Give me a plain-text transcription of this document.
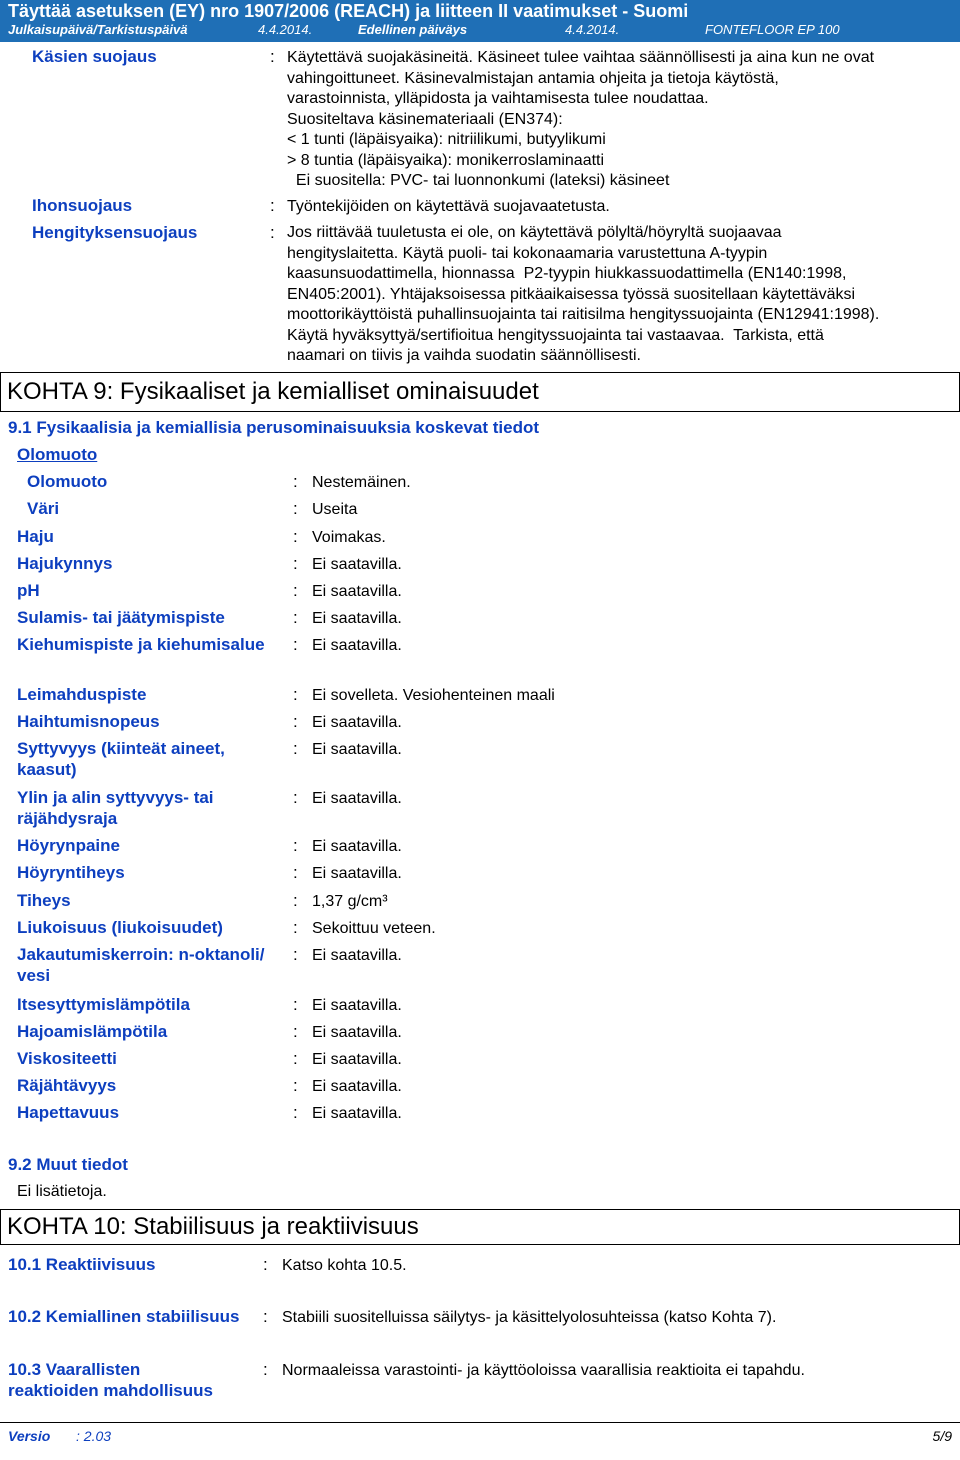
Täyttää asetuksen (EY) nro 1907/2006 (REACH) ja liitteen II vaatimukset - Suomi
Julkaisupäivä/Tarkistuspäivä	4.4.2014.	Edellinen päiväys	4.4.2014.	FONTEFLOOR EP 100
Käsien suojaus	: Käytettävä suojakäsineitä. Käsineet tulee vaihtaa säännöllisesti ja aina kun ne ovat
vahingoittuneet. Käsinevalmistajan antamia ohjeita ja tietoja käytöstä,
varastoinnista, ylläpidosta ja vaihtamisesta tulee noudattaa.
Suositeltava käsinemateriaali (EN374):
< 1 tunti (läpäisyaika): nitriilikumi, butyylikumi
> 8 tuntia (läpäisyaika): monikerroslaminaatti
Ei suositella: PVC- tai luonnonkumi (lateksi) käsineet
Ihonsuojaus	: Työntekijöiden on käytettävä suojavaatetusta.
Hengityksensuojaus	: Jos riittävää tuuletusta ei ole, on käytettävä pölyltä/höyryltä suojaavaa
hengityslaitetta. Käytä puoli- tai kokonaamaria varustettuna A-tyypin
kaasunsuodattimella, hionnassa  P2-tyypin hiukkassuodattimella (EN140:1998,
EN405:2001). Yhtäjaksoisessa pitkäaikaisessa työssä suositellaan käytettäväksi
moottorikäyttöistä puhallinsuojainta tai raitisilma hengityssuojainta (EN12941:1998).
Käytä hyväksyttyä/sertifioitua hengityssuojainta tai vastaavaa.  Tarkista, että
naamari on tiivis ja vaihda suodatin säännöllisesti.
KOHTA 9: Fysikaaliset ja kemialliset ominaisuudet
9.1 Fysikaalisia ja kemiallisia perusominaisuuksia koskevat tiedot
Olomuoto
Olomuoto	: Nestemäinen.
Väri	: Useita
Haju	: Voimakas.
Hajukynnys	: Ei saatavilla.
pH	: Ei saatavilla.
Sulamis- tai jäätymispiste	: Ei saatavilla.
Kiehumispiste ja kiehumisalue : Ei saatavilla.
Leimahduspiste	: Ei sovelleta. Vesiohenteinen maali
Haihtumisnopeus	: Ei saatavilla.
Syttyvyys (kiinteät aineet,
kaasut)
: Ei saatavilla.
Ylin ja alin syttyvyys- tai
räjähdysraja
: Ei saatavilla.
Höyrynpaine	: Ei saatavilla.
Höyryntiheys	: Ei saatavilla.
Tiheys	: 1,37 g/cm³
Liukoisuus (liukoisuudet)	: Sekoittuu veteen.
Jakautumiskerroin: n-oktanoli/
vesi
: Ei saatavilla.
Itsesyttymislämpötila	: Ei saatavilla.
Hajoamislämpötila	: Ei saatavilla.
Viskositeetti	: Ei saatavilla.
Räjähtävyys	: Ei saatavilla.
Hapettavuus	: Ei saatavilla.
9.2 Muut tiedot
Ei lisätietoja.
KOHTA 10: Stabiilisuus ja reaktiivisuus
10.1 Reaktiivisuus	: Katso kohta 10.5.
10.2 Kemiallinen stabiilisuus : Stabiili suositelluissa säilytys- ja käsittelyolosuhteissa (katso Kohta 7).
10.3 Vaarallisten
reaktioiden mahdollisuus
: Normaaleissa varastointi- ja käyttöoloissa vaarallisia reaktioita ei tapahdu.
Versio : 2.03	5/9
